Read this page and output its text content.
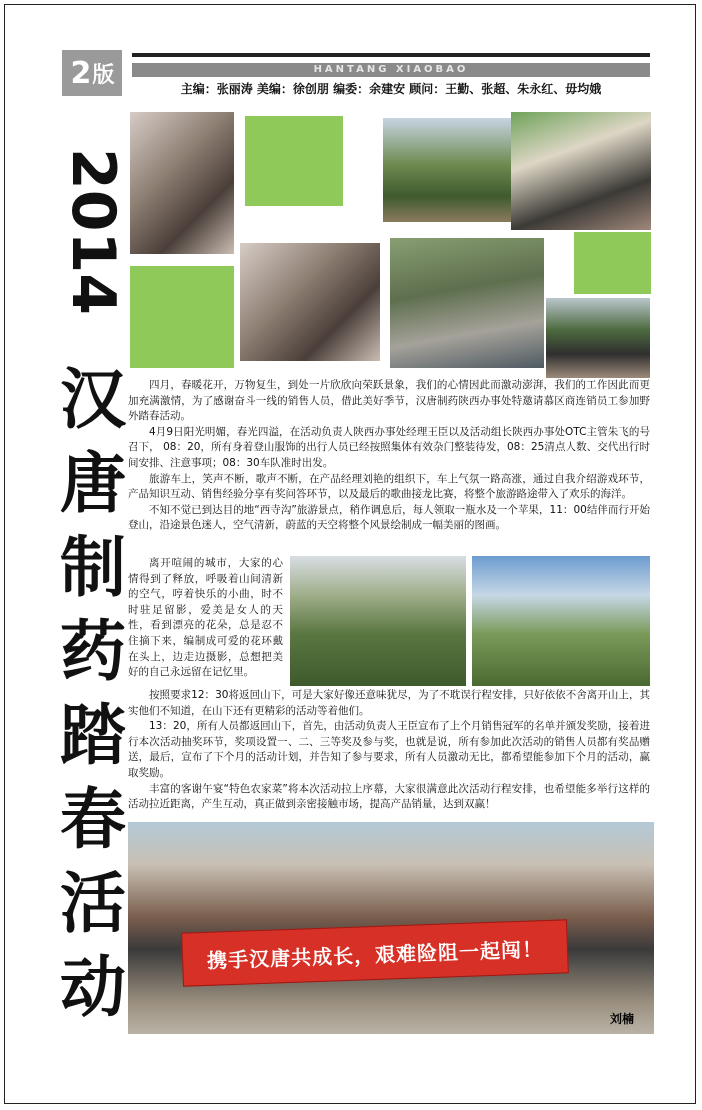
2 版	HANTANG XIAOBAO
主编：张丽涛 美编：徐创朋 编委：余建安 顾问：王勤、张超、朱永红、毋均娥
2014
汉
唐
制
药
踏
春
活
动

四月，春暖花开，万物复生，到处一片欣欣向荣跃景象，我们的心情因此而激动澎湃，我们的工作因此而更加充满激情，为了感谢奋斗一线的销售人员，借此美好季节，汉唐制药陕西办事处特邀请慕区商连销员工参加野外踏春活动。

4月9日阳光明媚，春光四溢，在活动负责人陕西办事处经理王臣以及活动组长陕西办事处OTC主管朱飞的号召下， 08：20，所有身着登山服饰的出行人员已经按照集体有效杂门整装待发，08：25清点人数、交代出行时间安排、注意事项；08：30车队准时出发。

旅游车上，笑声不断，歌声不断，在产品经理刘艳的组织下，车上气氛一路高涨，通过自我介绍游戏环节，产品知识互动、销售经验分享有奖问答环节，以及最后的歌曲接龙比赛，将整个旅游路途带入了欢乐的海洋。

不知不觉已到达目的地“西寺沟”旅游景点，稍作调息后，每人领取一瓶水及一个苹果，11：00结伴而行开始登山，沿途景色迷人，空气清新，蔚蓝的天空将整个风景绘制成一幅美丽的图画。

离开喧闹的城市，大家的心情得到了释放，呼吸着山间清新的空气，哼着快乐的小曲，时不时驻足留影，爱美是女人的天性，看到漂亮的花朵，总是忍不住摘下来，编制成可爱的花环戴在头上，边走边摄影，总想把美好的自己永远留在记忆里。

按照要求12：30将返回山下，可是大家好像还意味犹尽，为了不耽误行程安排，只好依依不舍离开山上，其实他们不知道，在山下还有更精彩的活动等着他们。

13：20，所有人员都返回山下，首先，由活动负责人王臣宣布了上个月销售冠军的名单并颁发奖励，接着进行本次活动抽奖环节，奖项设置一、二、三等奖及参与奖，也就是说，所有参加此次活动的销售人员都有奖品赠送，最后，宣布了下个月的活动计划，并告知了参与要求，所有人员激动无比，都希望能参加下个月的活动，赢取奖励。

丰富的客谢午宴“特色农家菜”将本次活动拉上序幕，大家很满意此次活动行程安排，也希望能多举行这样的活动拉近距离，产生互动，真正做到亲密接触市场，提高产品销量，达到双赢！

携手汉唐共成长，艰难险阻一起闯！
刘楠
